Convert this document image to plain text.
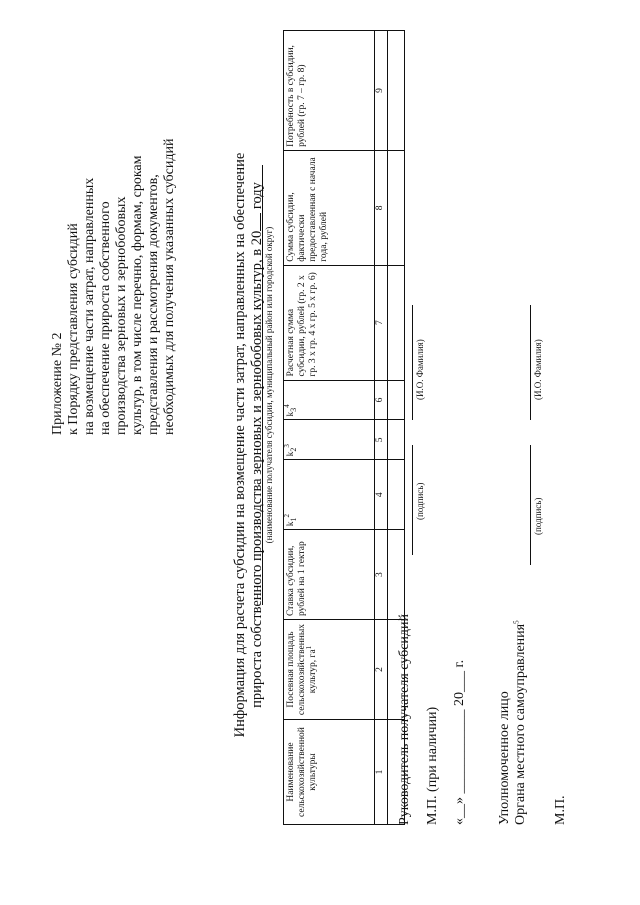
Приложение № 2 к Порядку представления субсидий на возмещение части затрат, направленных на обеспечение прироста собственного производства зерновых и зернобобовых культур, в том числе перечню, формам, срокам представления и рассмотрения документов, необходимых для получения указанных субсидий	Информация для расчета субсидии на возмещение части затрат, направленных на обеспечение прироста собственного производства зерновых и зернобобовых культур, в 20 году
(наименование получателя субсидии, муниципальный район или городской округ)
Наименование сельскохозяйственной культуры	Посевная площадь сельскохозяйственных культур, $га^1$	Ставка субсидии, рублей на 1 гектар	$k_1^2$	$k_2^3$	$k_3^4$	Расчетная сумма субсидии, рублей (гр. 2 х гр. 3 х гр. 4 х гр. 5 х гр. 6)	Сумма субсидии, фактически предоставленная с начала года, рублей	Потребность в субсидии, рублей (гр. 7 – гр. 8)
1	2	3	4	5	6	7	8	9

Руководитель получателя субсидий
(подпись)
(И.О. Фамилия)
М.П. (при наличии) «__» ____________ 20___ г. Уполномоченное лицо Органа местного самоуправления$^5$
(подпись)
(И.О. Фамилия)
М.П.
